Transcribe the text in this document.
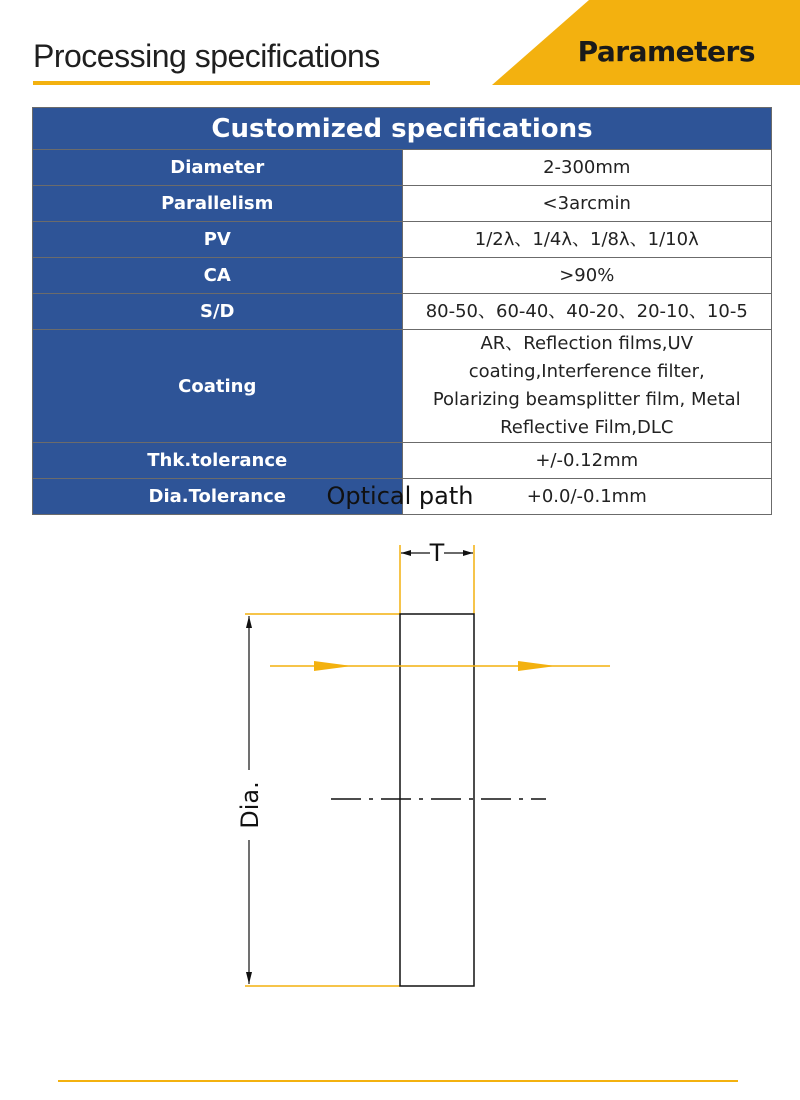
Processing specifications	Parameters
Customized specifications	
Diameter	2-300mm

Parallelism	<3arcmin

PV	1/2λ、1/4λ、1/8λ、1/10λ

CA	>90%

S/D	80-50、60-40、40-20、20-10、10-5

Coating	AR、Reflection films,UV coating,Interference filter,
Polarizing beamsplitter film, Metal Reflective Film,DLC

Thk.tolerance	+/-0.12mm

Dia.Tolerance	+0.0/-0.1mm
Optical path
T
Dia.
